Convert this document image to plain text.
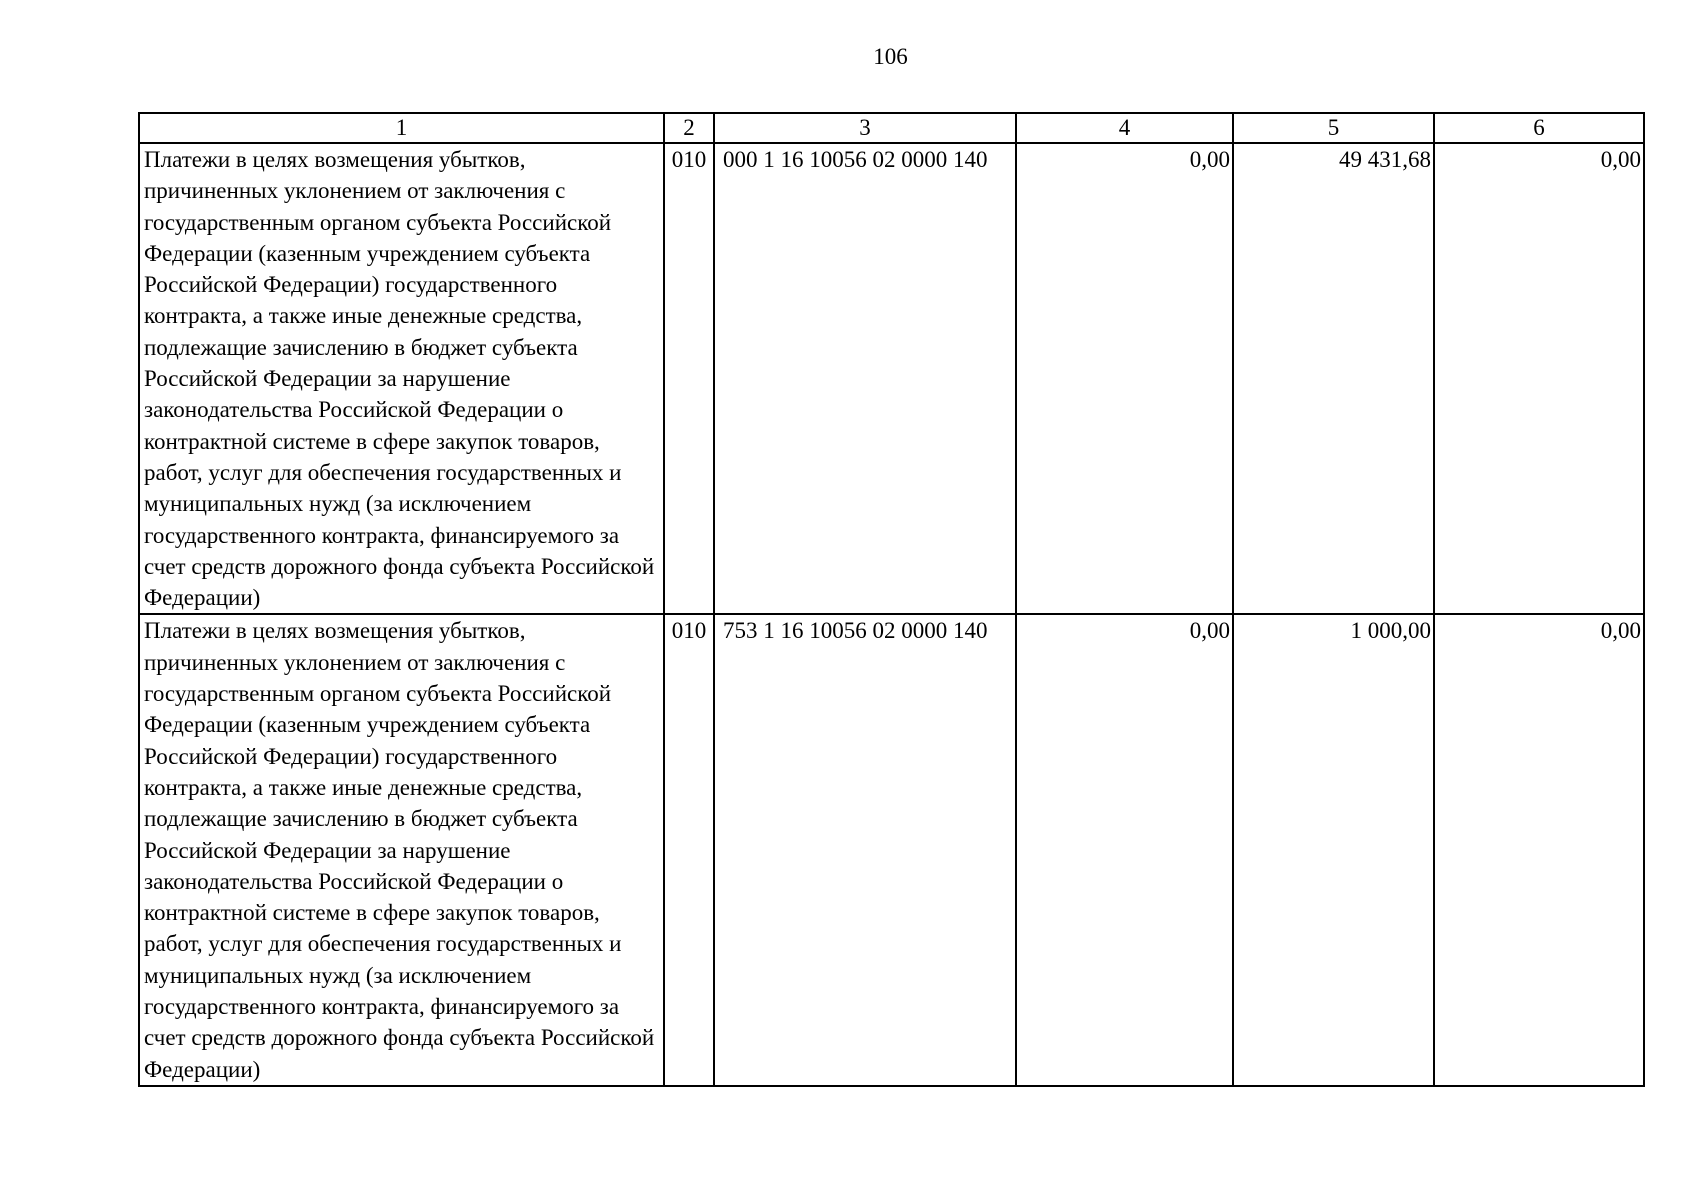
106
1	2	3	4	5	6
Платежи в целях возмещения убытков, причиненных уклонением от заключения с государственным органом субъекта Российской Федерации (казенным учреждением субъекта Российской Федерации) государственного контракта, а также иные денежные средства, подлежащие зачислению в бюджет субъекта Российской Федерации за нарушение законодательства Российской Федерации о контрактной системе в сфере закупок товаров, работ, услуг для обеспечения государственных и муниципальных нужд (за исключением государственного контракта, финансируемого за счет средств дорожного фонда субъекта Российской Федерации)	010	000 1 16 10056 02 0000 140	0,00	49 431,68	0,00
Платежи в целях возмещения убытков, причиненных уклонением от заключения с государственным органом субъекта Российской Федерации (казенным учреждением субъекта Российской Федерации) государственного контракта, а также иные денежные средства, подлежащие зачислению в бюджет субъекта Российской Федерации за нарушение законодательства Российской Федерации о контрактной системе в сфере закупок товаров, работ, услуг для обеспечения государственных и муниципальных нужд (за исключением государственного контракта, финансируемого за счет средств дорожного фонда субъекта Российской Федерации)	010	753 1 16 10056 02 0000 140	0,00	1 000,00	0,00
